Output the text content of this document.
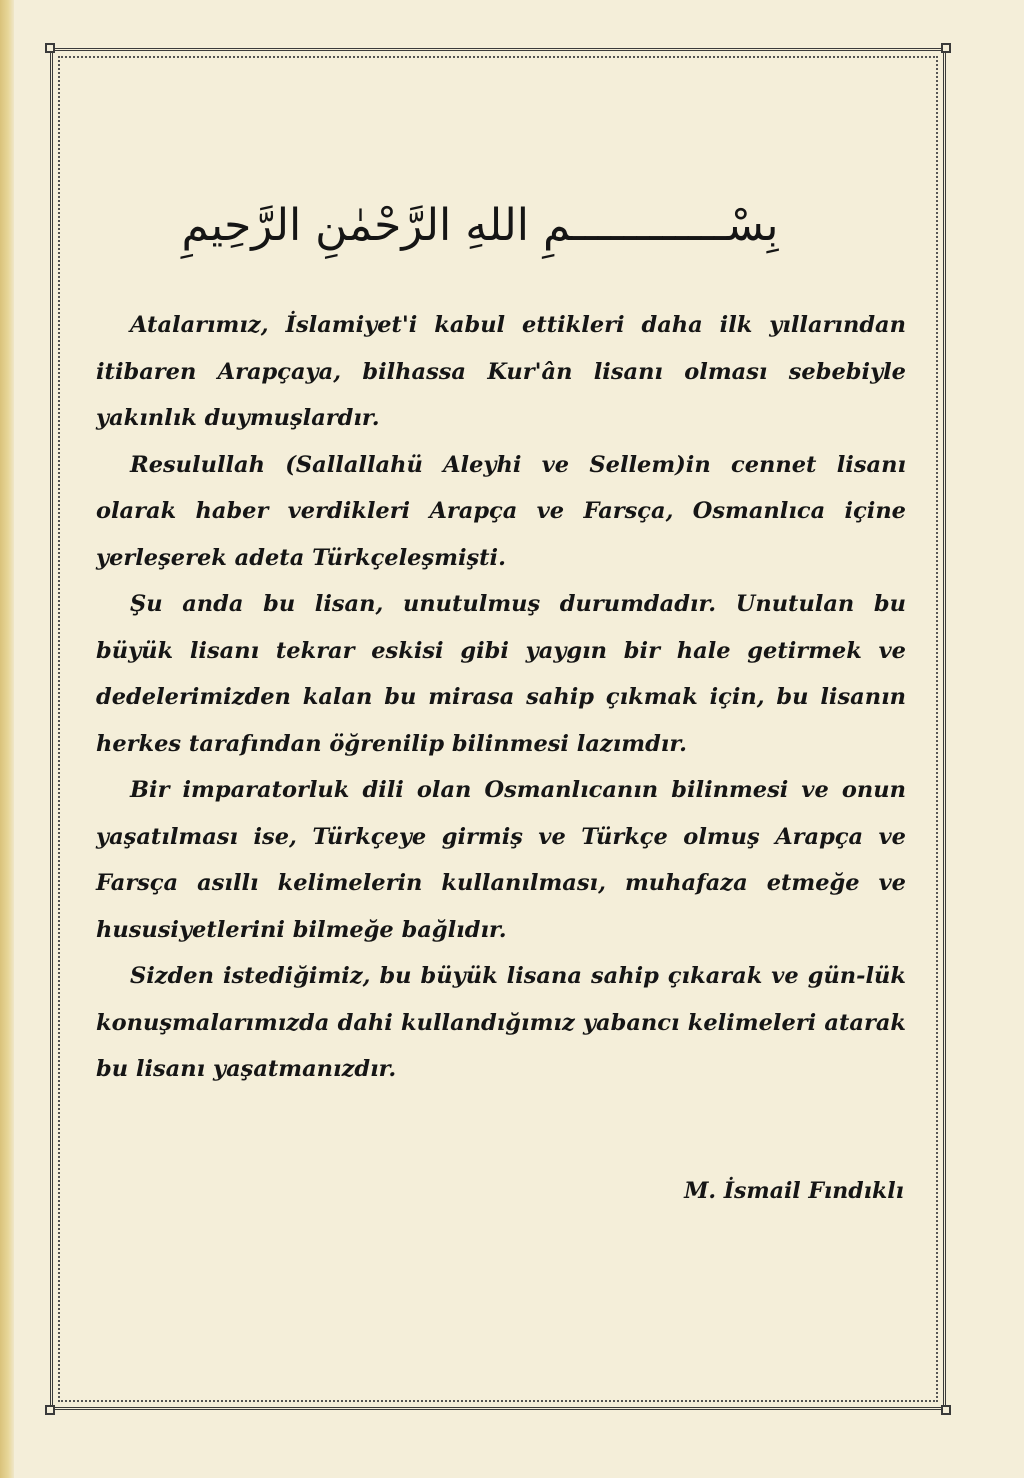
بِسْــــــــــــمِ اللهِ الرَّحْمٰنِ الرَّحِيمِ

Atalarımız, İslamiyet'i kabul ettikleri daha ilk yıllarından itibaren Arapçaya, bilhassa Kur'ân lisanı olması sebebiyle yakınlık duymuşlardır.

Resulullah (Sallallahü Aleyhi ve Sellem)in cennet lisanı olarak haber verdikleri Arapça ve Farsça, Osmanlıca içine yerleşerek adeta Türkçeleşmişti.

Şu anda bu lisan, unutulmuş durumdadır. Unutulan bu büyük lisanı tekrar eskisi gibi yaygın bir hale getirmek ve dedelerimizden kalan bu mirasa sahip çıkmak için, bu lisanın herkes tarafından öğrenilip bilinmesi lazımdır.

Bir imparatorluk dili olan Osmanlıcanın bilinmesi ve onun yaşatılması ise, Türkçeye girmiş ve Türkçe olmuş Arapça ve Farsça asıllı kelimelerin kullanılması, muhafaza etmeğe ve hususiyetlerini bilmeğe bağlıdır.

Sizden istediğimiz, bu büyük lisana sahip çıkarak ve gün-lük konuşmalarımızda dahi kullandığımız yabancı kelimeleri atarak bu lisanı yaşatmanızdır.

M. İsmail Fındıklı
